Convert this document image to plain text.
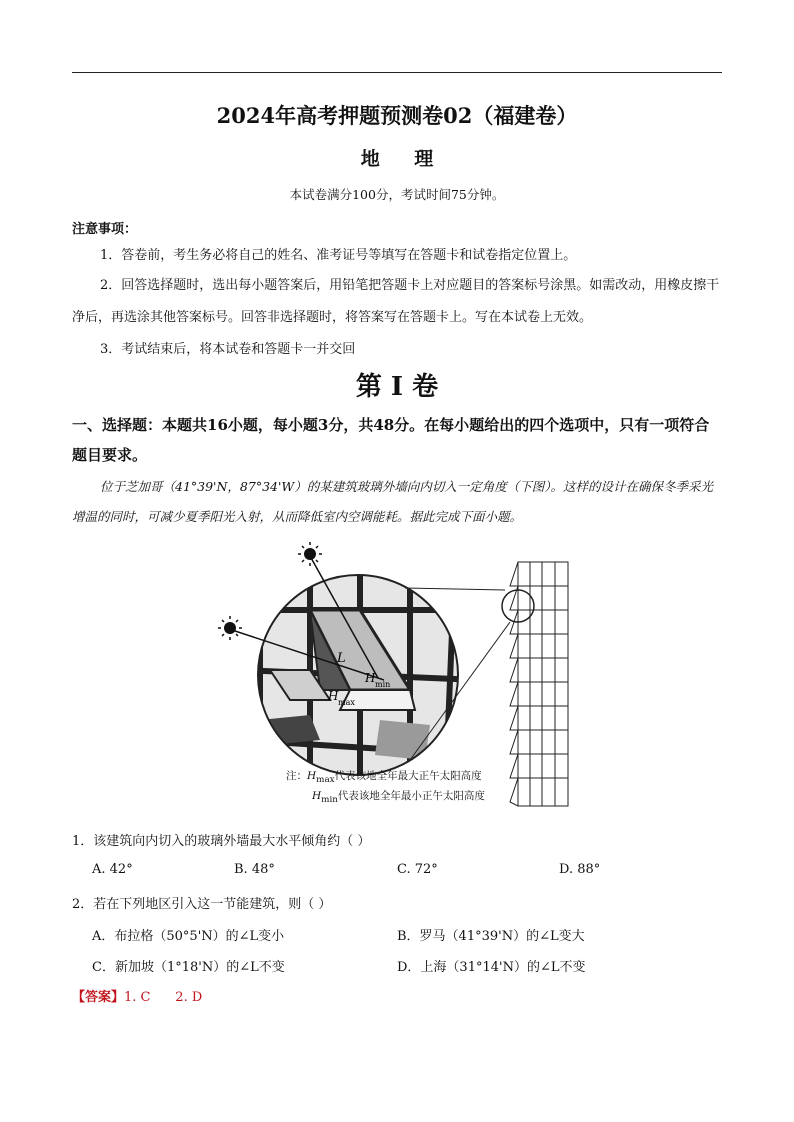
2024年高考押题预测卷02（福建卷）
地 理
本试卷满分100分，考试时间75分钟。
注意事项：
1．答卷前，考生务必将自己的姓名、准考证号等填写在答题卡和试卷指定位置上。
2．回答选择题时，选出每小题答案后，用铅笔把答题卡上对应题目的答案标号涂黑。如需改动，用橡皮擦干净后，再选涂其他答案标号。回答非选择题时，将答案写在答题卡上。写在本试卷上无效。
3．考试结束后，将本试卷和答题卡一并交回
第 I 卷
一、选择题：本题共16小题，每小题3分，共48分。在每小题给出的四个选项中，只有一项符合题目要求。
位于芝加哥（41°39'N，87°34'W）的某建筑玻璃外墙向内切入一定角度（下图）。这样的设计在确保冬季采光增温的同时，可减少夏季阳光入射，从而降低室内空调能耗。据此完成下面小题。
L
H min
H max
注：$H_{max}$代表该地全年最大正午太阳高度
$H_{min}$代表该地全年最小正午太阳高度
1．该建筑向内切入的玻璃外墙最大水平倾角约（ ）
A. 42°	B. 48°	C. 72°	D. 88°
2．若在下列地区引入这一节能建筑，则（ ）
A．布拉格（50°5'N）的∠L变小	B．罗马（41°39'N）的∠L变大
C．新加坡（1°18'N）的∠L不变	D．上海（31°14'N）的∠L不变
【答案】1. C      2. D
